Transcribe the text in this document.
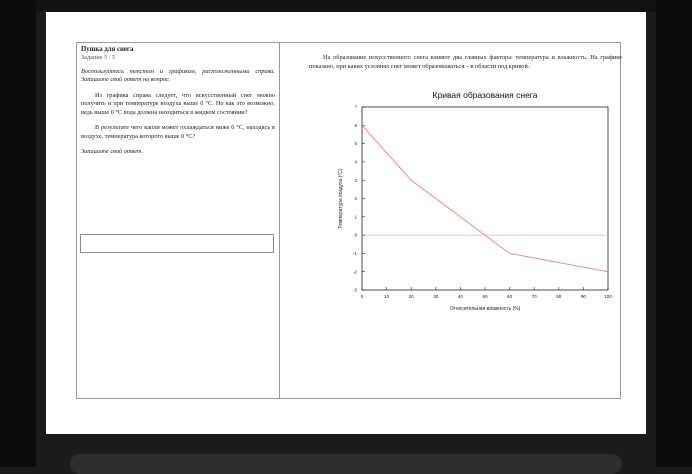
Пушка для снега
Задание 5 / 5
Воспользуйтесь текстом и графиком, расположенными справа. Запишите свой ответ на вопрос.
Из графика справа следует, что искусственный снег можно получить и при температуре воздуха выше 0 °С. Но как это возможно, ведь выше 0 °С вода должна находиться в жидком состоянии?
В результате чего капли может охлаждаться ниже 0 °С, находясь в воздухе, температура которого выше 0 °С?
Запишите свой ответ.
На образование искусственного снега влияют два главных фактора: температура и влажность. На графике показано, при каких условиях снег может образовываться – в области под кривой.
Кривая образования снега
0	10	20	30	40	50	60	70	80	90	100
-3
-2
-1
0
1
2
3
4
5
6
7
Относительная влажность (%)
Температура воздуха (°С)
